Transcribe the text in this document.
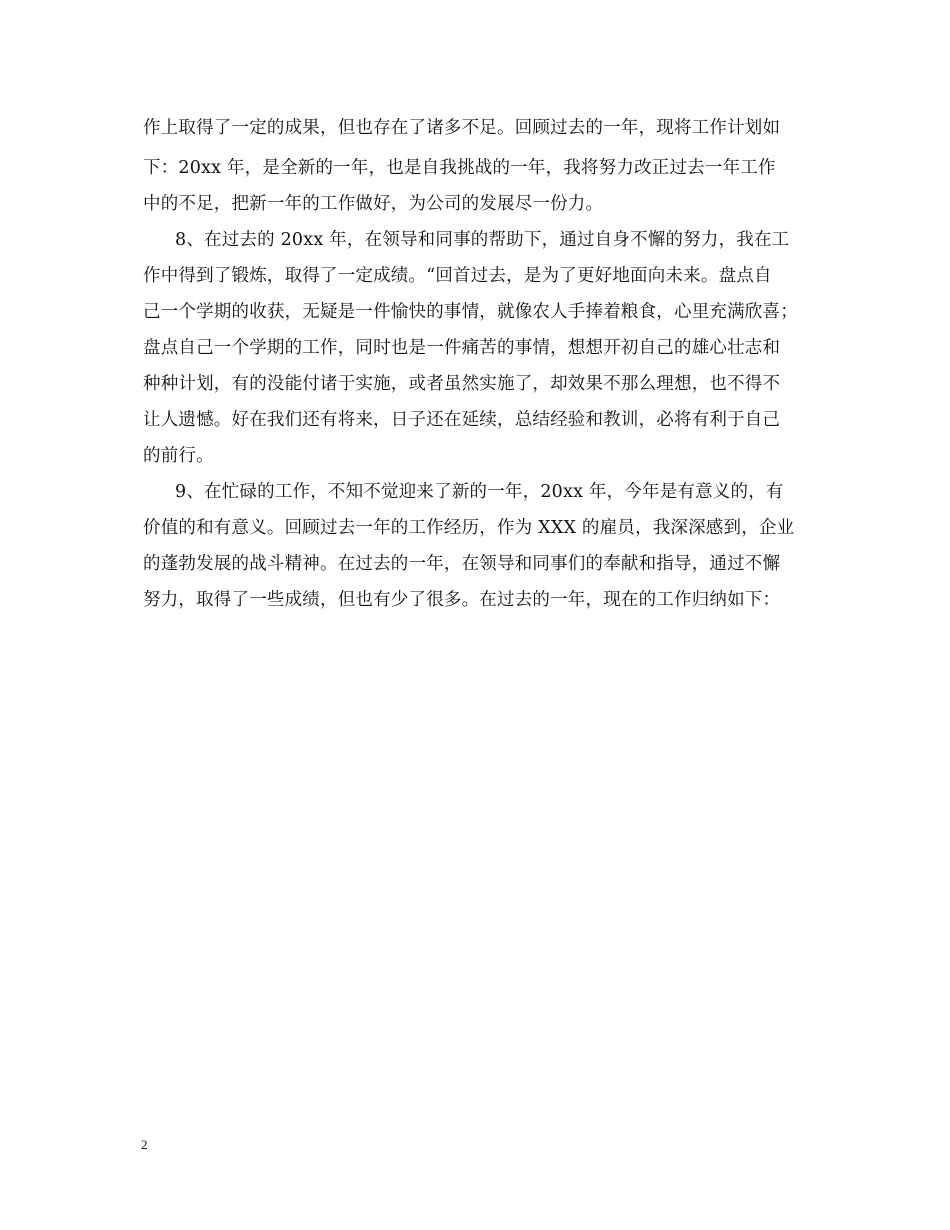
作上取得了一定的成果，但也存在了诸多不足。回顾过去的一年，现将工作计划如
下：20xx 年，是全新的一年，也是自我挑战的一年，我将努力改正过去一年工作
中的不足，把新一年的工作做好，为公司的发展尽一份力。
8、在过去的 20xx 年，在领导和同事的帮助下，通过自身不懈的努力，我在工
作中得到了锻炼，取得了一定成绩。“回首过去，是为了更好地面向未来。盘点自
己一个学期的收获，无疑是一件愉快的事情，就像农人手捧着粮食，心里充满欣喜；
盘点自己一个学期的工作，同时也是一件痛苦的事情，想想开初自己的雄心壮志和
种种计划，有的没能付诸于实施，或者虽然实施了，却效果不那么理想，也不得不
让人遗憾。好在我们还有将来，日子还在延续，总结经验和教训，必将有利于自己
的前行。
9、在忙碌的工作，不知不觉迎来了新的一年，20xx 年，今年是有意义的，有
价值的和有意义。回顾过去一年的工作经历，作为 XXX 的雇员，我深深感到，企业
的蓬勃发展的战斗精神。在过去的一年，在领导和同事们的奉献和指导，通过不懈
努力，取得了一些成绩，但也有少了很多。在过去的一年，现在的工作归纳如下：
2
